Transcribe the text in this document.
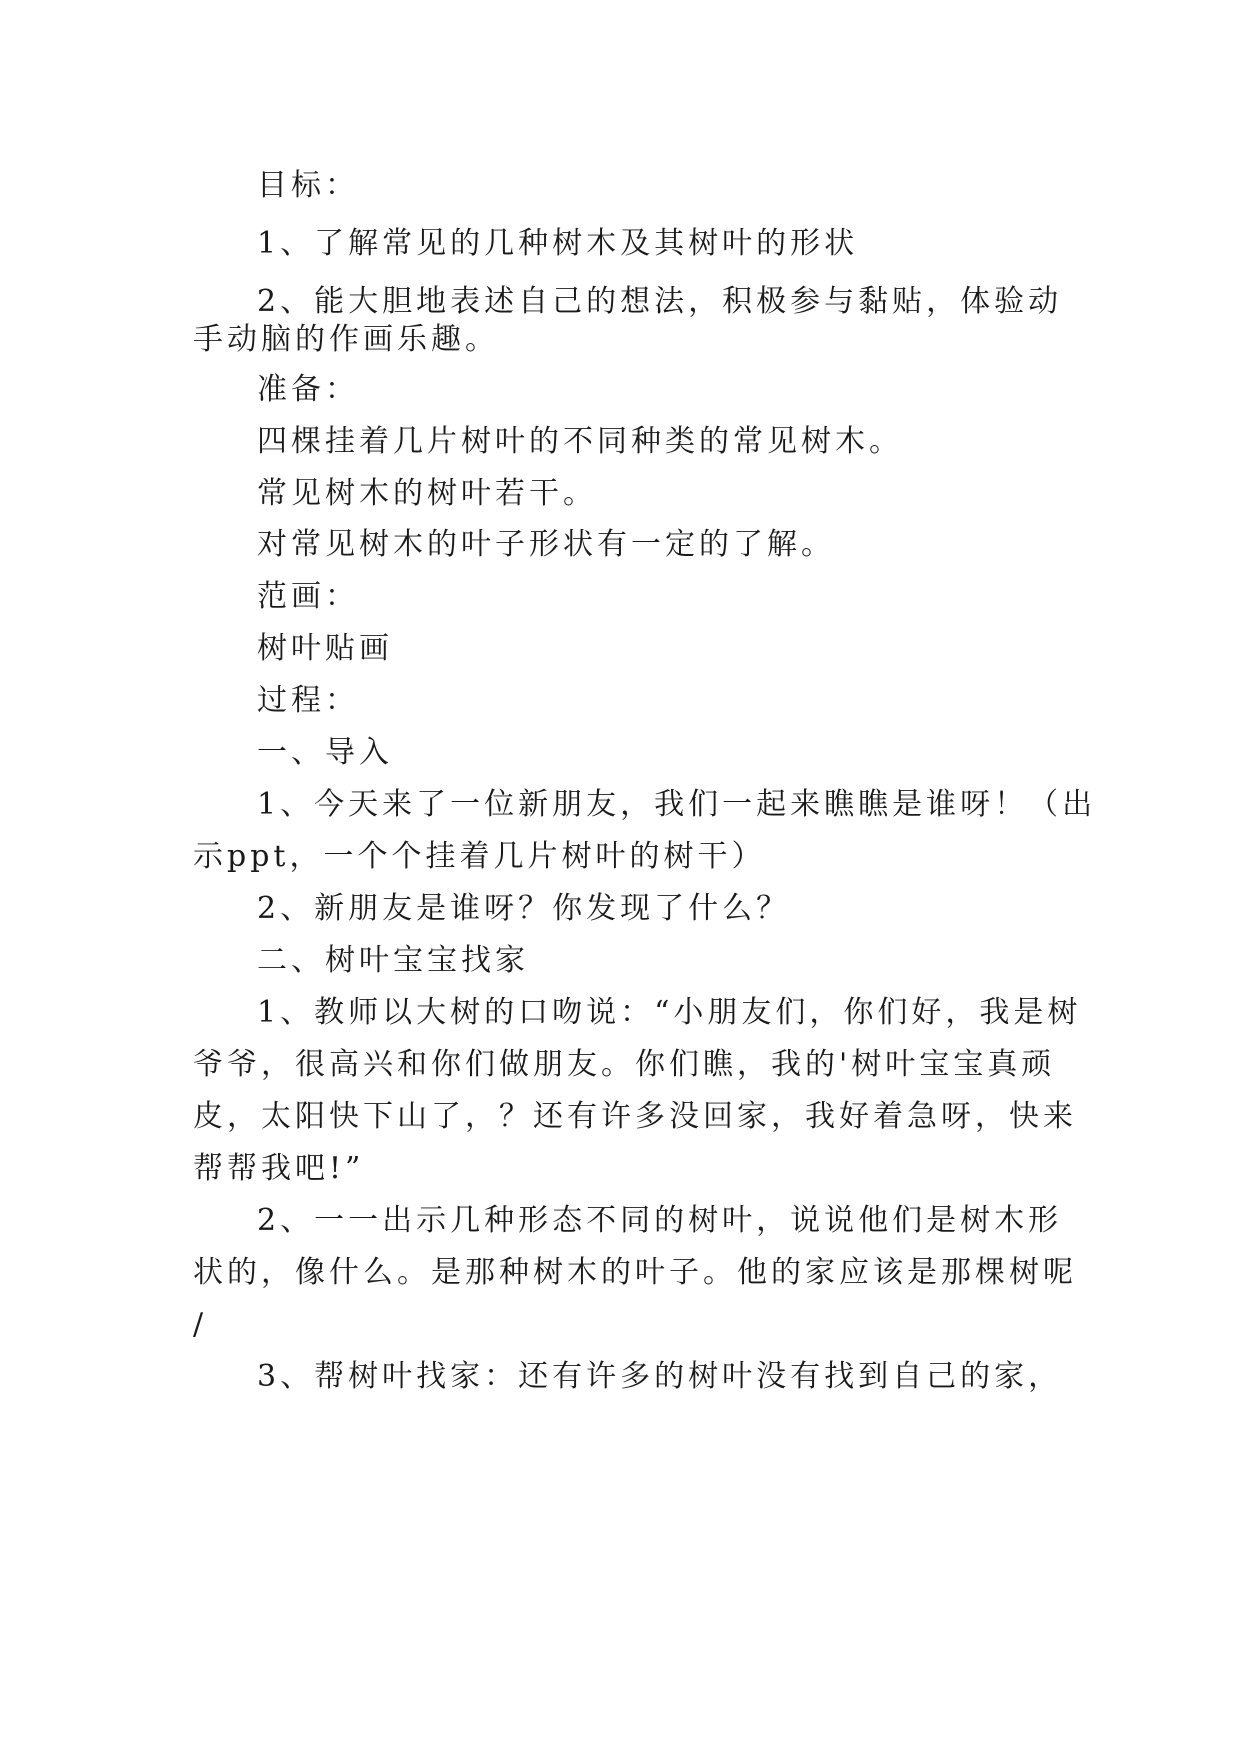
目标：

1、了解常见的几种树木及其树叶的形状

2、能大胆地表述自己的想法，积极参与黏贴，体验动

手动脑的作画乐趣。

准备：

四棵挂着几片树叶的不同种类的常见树木。

常见树木的树叶若干。

对常见树木的叶子形状有一定的了解。

范画：

树叶贴画

过程：

一、导入

1、今天来了一位新朋友，我们一起来瞧瞧是谁呀！（出

示ppt，一个个挂着几片树叶的树干）

2、新朋友是谁呀？你发现了什么？

二、树叶宝宝找家

1、教师以大树的口吻说：“小朋友们，你们好，我是树

爷爷，很高兴和你们做朋友。你们瞧，我的'树叶宝宝真顽

皮，太阳快下山了，？还有许多没回家，我好着急呀，快来

帮帮我吧!”

2、一一出示几种形态不同的树叶，说说他们是树木形

状的，像什么。是那种树木的叶子。他的家应该是那棵树呢

/

3、帮树叶找家：还有许多的树叶没有找到自己的家，
